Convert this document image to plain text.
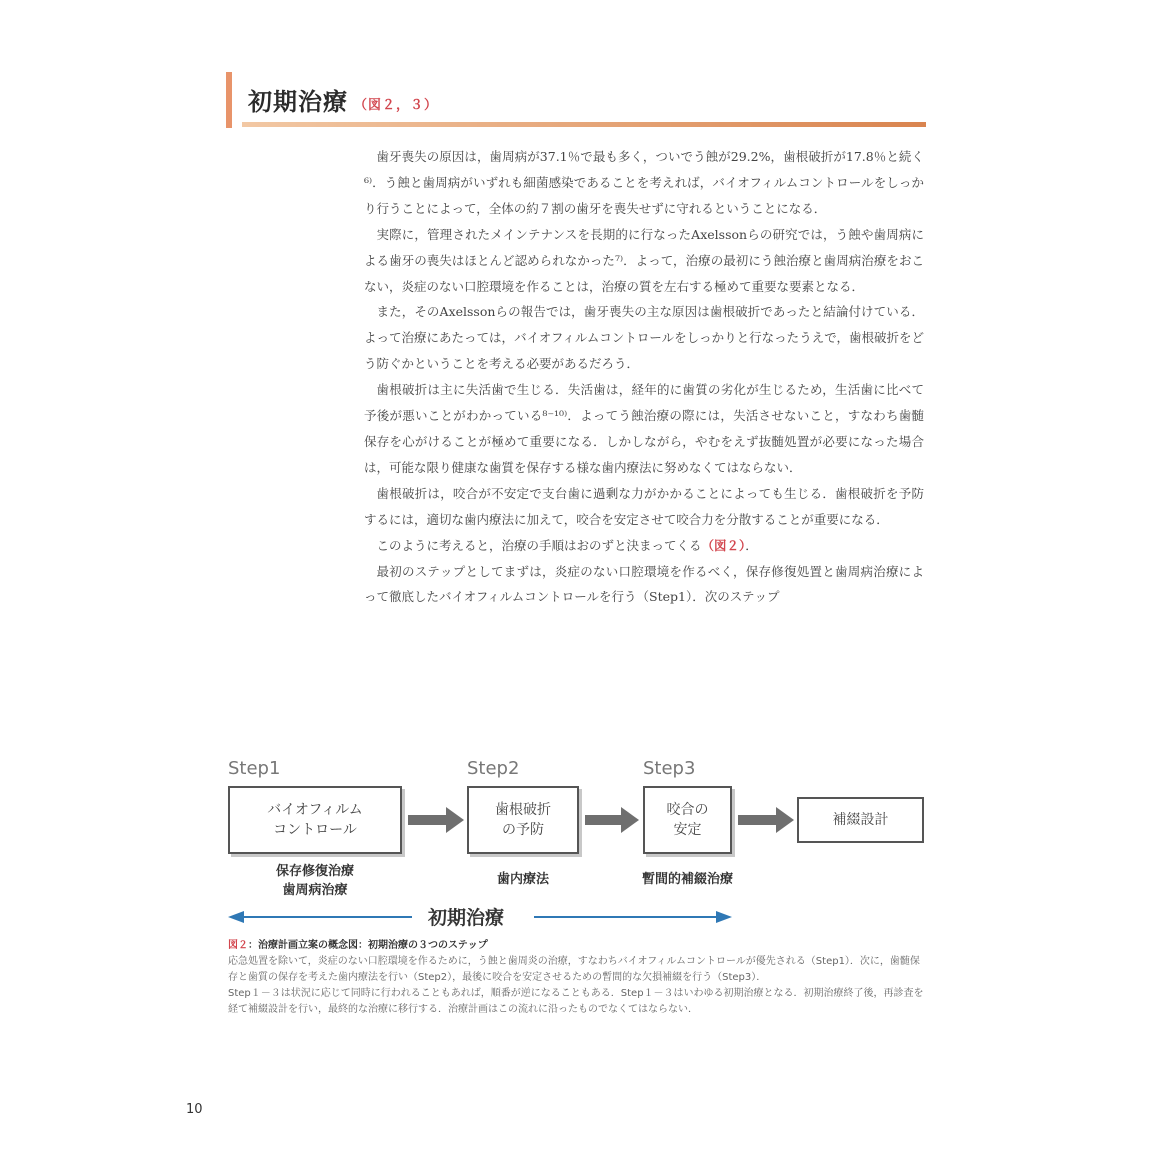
初期治療 （図２，３）

歯牙喪失の原因は，歯周病が37.1％で最も多く，ついでう蝕が29.2%，歯根破折が17.8％と続く⁶⁾．う蝕と歯周病がいずれも細菌感染であることを考えれば，バイオフィルムコントロールをしっかり行うことによって，全体の約７割の歯牙を喪失せずに守れるということになる．

実際に，管理されたメインテナンスを長期的に行なったAxelssonらの研究では，う蝕や歯周病による歯牙の喪失はほとんど認められなかった⁷⁾．よって，治療の最初にう蝕治療と歯周病治療をおこない，炎症のない口腔環境を作ることは，治療の質を左右する極めて重要な要素となる．

また，そのAxelssonらの報告では，歯牙喪失の主な原因は歯根破折であったと結論付けている．よって治療にあたっては，バイオフィルムコントロールをしっかりと行なったうえで，歯根破折をどう防ぐかということを考える必要があるだろう．

歯根破折は主に失活歯で生じる．失活歯は，経年的に歯質の劣化が生じるため，生活歯に比べて予後が悪いことがわかっている⁸⁻¹⁰⁾．よってう蝕治療の際には，失活させないこと，すなわち歯髄保存を心がけることが極めて重要になる．しかしながら，やむをえず抜髄処置が必要になった場合は，可能な限り健康な歯質を保存する様な歯内療法に努めなくてはならない．

歯根破折は，咬合が不安定で支台歯に過剰な力がかかることによっても生じる．歯根破折を予防するには，適切な歯内療法に加えて，咬合を安定させて咬合力を分散することが重要になる．

このように考えると，治療の手順はおのずと決まってくる（図２）．

最初のステップとしてまずは，炎症のない口腔環境を作るべく，保存修復処置と歯周病治療によって徹底したバイオフィルムコントロールを行う（Step1）．次のステップ

Step1	Step2	Step3
バイオフィルム
コントロール
歯根破折
の予防
咬合の
安定
補綴設計
保存修復治療
歯周病治療
歯内療法	暫間的補綴治療
初期治療

図２：治療計画立案の概念図：初期治療の３つのステップ

応急処置を除いて，炎症のない口腔環境を作るために，う蝕と歯周炎の治療，すなわちバイオフィルムコントロールが優先される（Step1）．次に，歯髄保存と歯質の保存を考えた歯内療法を行い（Step2），最後に咬合を安定させるための暫間的な欠損補綴を行う（Step3）．

Step１－３は状況に応じて同時に行われることもあれば，順番が逆になることもある．Step１－３はいわゆる初期治療となる．初期治療終了後，再診査を経て補綴設計を行い，最終的な治療に移行する．治療計画はこの流れに沿ったものでなくてはならない．

10
